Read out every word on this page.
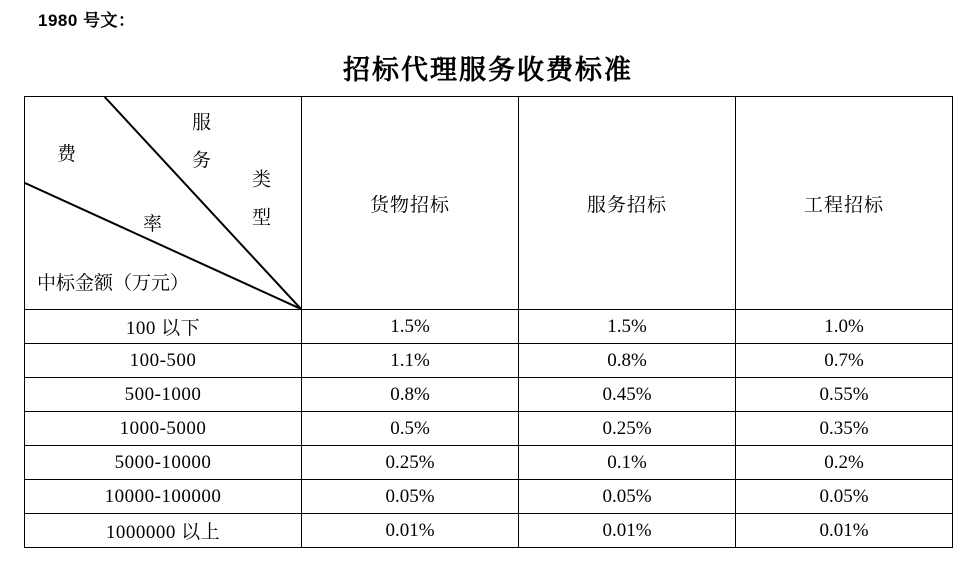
1980 号文：
招标代理服务收费标准
费
率
服　务
类　型
中标金额（万元）	货物招标	服务招标	工程招标
100 以下	1.5%	1.5%	1.0%
100-500	1.1%	0.8%	0.7%
500-1000	0.8%	0.45%	0.55%
1000-5000	0.5%	0.25%	0.35%
5000-10000	0.25%	0.1%	0.2%
10000-100000	0.05%	0.05%	0.05%
1000000 以上	0.01%	0.01%	0.01%
